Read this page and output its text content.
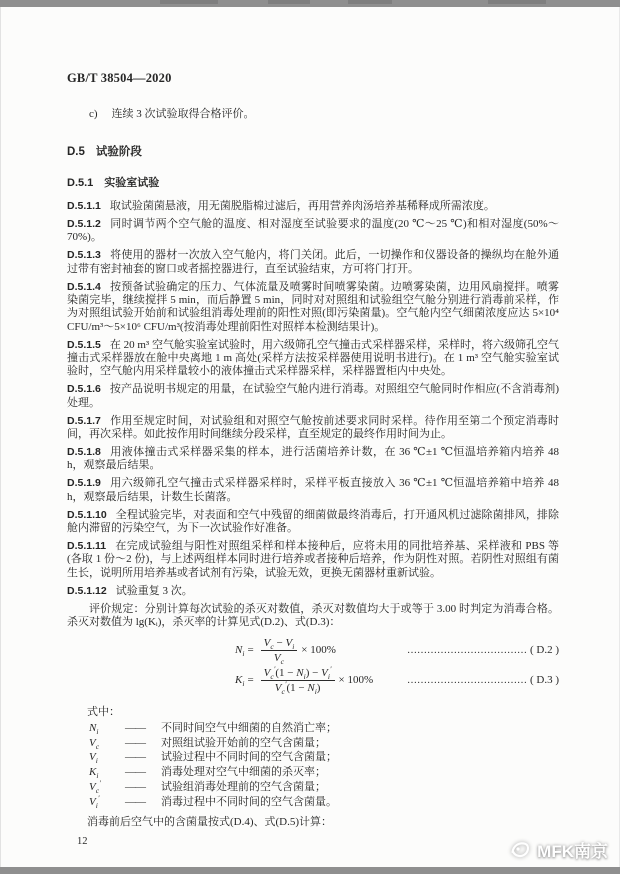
GB/T 38504—2020

c) 连续 3 次试验取得合格评价。

D.5 试验阶段
D.5.1 实验室试验

D.5.1.1 取试验菌菌悬液，用无菌脱脂棉过滤后，再用营养肉汤培养基稀释成所需浓度。

D.5.1.2 同时调节两个空气舱的温度、相对湿度至试验要求的温度(20 ℃～25 ℃)和相对湿度(50%～70%)。

D.5.1.3 将使用的器材一次放入空气舱内，将门关闭。此后，一切操作和仪器设备的操纵均在舱外通过带有密封袖套的窗口或者摇控器进行，直至试验结束，方可将门打开。

D.5.1.4 按预备试验确定的压力、气体流量及喷雾时间喷雾染菌。边喷雾染菌，边用风扇搅拌。喷雾染菌完毕，继续搅拌 5 min，而后静置 5 min，同时对对照组和试验组空气舱分别进行消毒前采样，作为对照组试验开始前和试验组消毒处理前的阳性对照(即污染菌量)。空气舱内空气细菌浓度应达 5×10⁴ CFU/m³～5×10⁶ CFU/m³(按消毒处理前阳性对照样本检测结果计)。

D.5.1.5 在 20 m³ 空气舱实验室试验时，用六级筛孔空气撞击式采样器采样，采样时，将六级筛孔空气撞击式采样器放在舱中央离地 1 m 高处(采样方法按采样器使用说明书进行)。在 1 m³ 空气舱实验室试验时，空气舱内用采样量较小的液体撞击式采样器采样，采样器置柜内中央处。

D.5.1.6 按产品说明书规定的用量，在试验空气舱内进行消毒。对照组空气舱同时作相应(不含消毒剂)处理。

D.5.1.7 作用至规定时间，对试验组和对照空气舱按前述要求同时采样。待作用至第二个预定消毒时间，再次采样。如此按作用时间继续分段采样，直至规定的最终作用时间为止。

D.5.1.8 用液体撞击式采样器采集的样本，进行活菌培养计数，在 36 ℃±1 ℃恒温培养箱内培养 48 h，观察最后结果。

D.5.1.9 用六级筛孔空气撞击式采样器采样时，采样平板直接放入 36 ℃±1 ℃恒温培养箱中培养 48 h，观察最后结果，计数生长菌落。

D.5.1.10 全程试验完毕，对表面和空气中残留的细菌做最终消毒后，打开通风机过滤除菌排风，排除舱内滞留的污染空气，为下一次试验作好准备。

D.5.1.11 在完成试验组与阳性对照组采样和样本接种后，应将未用的同批培养基、采样液和 PBS 等(各取 1 份～2 份)，与上述两组样本同时进行培养或者接种后培养，作为阴性对照。若阴性对照组有菌生长，说明所用培养基或者试剂有污染，试验无效，更换无菌器材重新试验。

D.5.1.12 试验重复 3 次。

评价规定：分别计算每次试验的杀灭对数值，杀灭对数值均大于或等于 3.00 时判定为消毒合格。杀灭对数值为 lg(Kᵢ)，杀灭率的计算见式(D.2)、式(D.3)：

$N_i = \frac{V_c - V_i}{V_c} \times 100\%$	……………………………… ( D.2 )
$K_i = \frac{V_c'(1 - N_i) - V_i'}{V_c'(1 - N_i)} \times 100\%$	……………………………… ( D.3 )

式中：

$N_i$	——	不同时间空气中细菌的自然消亡率；
$V_c$	——	对照组试验开始前的空气含菌量；
$V_i$	——	试验过程中不同时间的空气含菌量；
$K_i$	——	消毒处理对空气中细菌的杀灭率；
$V_c'$	——	试验组消毒处理前的空气含菌量；
$V_i'$	——	消毒过程中不同时间的空气含菌量。

消毒前后空气中的含菌量按式(D.4)、式(D.5)计算：

12
MFK南京
